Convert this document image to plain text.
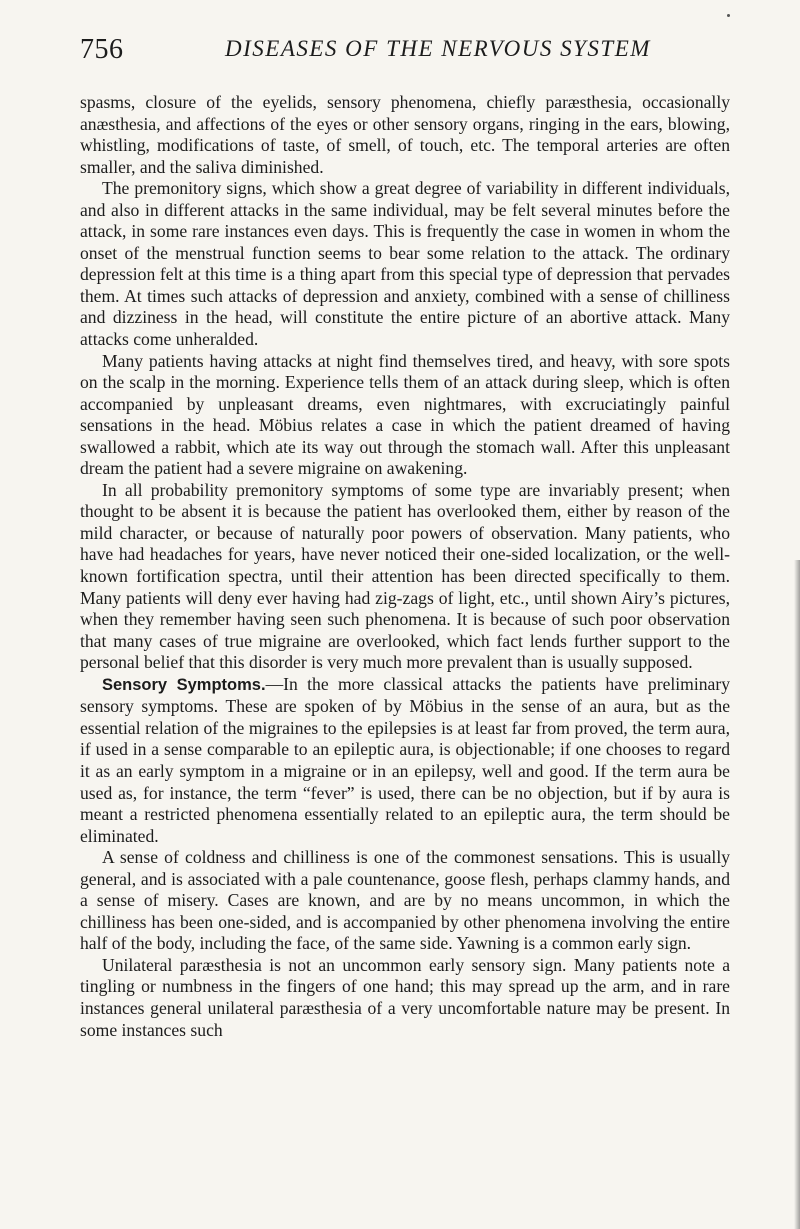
756	DISEASES OF THE NERVOUS SYSTEM

spasms, closure of the eyelids, sensory phenomena, chiefly paræsthesia, occasionally anæsthesia, and affections of the eyes or other sensory organs, ringing in the ears, blowing, whistling, modifications of taste, of smell, of touch, etc. The temporal arteries are often smaller, and the saliva diminished.

The premonitory signs, which show a great degree of variability in different individuals, and also in different attacks in the same individual, may be felt several minutes before the attack, in some rare instances even days. This is frequently the case in women in whom the onset of the menstrual function seems to bear some relation to the attack. The ordinary depression felt at this time is a thing apart from this special type of depression that pervades them. At times such attacks of depression and anxiety, combined with a sense of chilliness and dizziness in the head, will constitute the entire picture of an abortive attack. Many attacks come unheralded.

Many patients having attacks at night find themselves tired, and heavy, with sore spots on the scalp in the morning. Experience tells them of an attack during sleep, which is often accompanied by unpleasant dreams, even nightmares, with excruciatingly painful sensations in the head. Möbius relates a case in which the patient dreamed of having swallowed a rabbit, which ate its way out through the stomach wall. After this unpleasant dream the patient had a severe migraine on awakening.

In all probability premonitory symptoms of some type are invariably present; when thought to be absent it is because the patient has overlooked them, either by reason of the mild character, or because of naturally poor powers of observation. Many patients, who have had headaches for years, have never noticed their one-sided localization, or the well-known fortification spectra, until their attention has been directed specifically to them. Many patients will deny ever having had zig-zags of light, etc., until shown Airy’s pictures, when they remember having seen such phenomena. It is because of such poor observation that many cases of true migraine are overlooked, which fact lends further support to the personal belief that this disorder is very much more prevalent than is usually supposed.

Sensory Symptoms.—In the more classical attacks the patients have preliminary sensory symptoms. These are spoken of by Möbius in the sense of an aura, but as the essential relation of the migraines to the epilepsies is at least far from proved, the term aura, if used in a sense comparable to an epileptic aura, is objectionable; if one chooses to regard it as an early symptom in a migraine or in an epilepsy, well and good. If the term aura be used as, for instance, the term “fever” is used, there can be no objection, but if by aura is meant a restricted phenomena essentially related to an epileptic aura, the term should be eliminated.

A sense of coldness and chilliness is one of the commonest sensations. This is usually general, and is associated with a pale countenance, goose flesh, perhaps clammy hands, and a sense of misery. Cases are known, and are by no means uncommon, in which the chilliness has been one-sided, and is accompanied by other phenomena involving the entire half of the body, including the face, of the same side. Yawning is a common early sign.

Unilateral paræsthesia is not an uncommon early sensory sign. Many patients note a tingling or numbness in the fingers of one hand; this may spread up the arm, and in rare instances general unilateral paræsthesia of a very uncomfortable nature may be present. In some instances such
